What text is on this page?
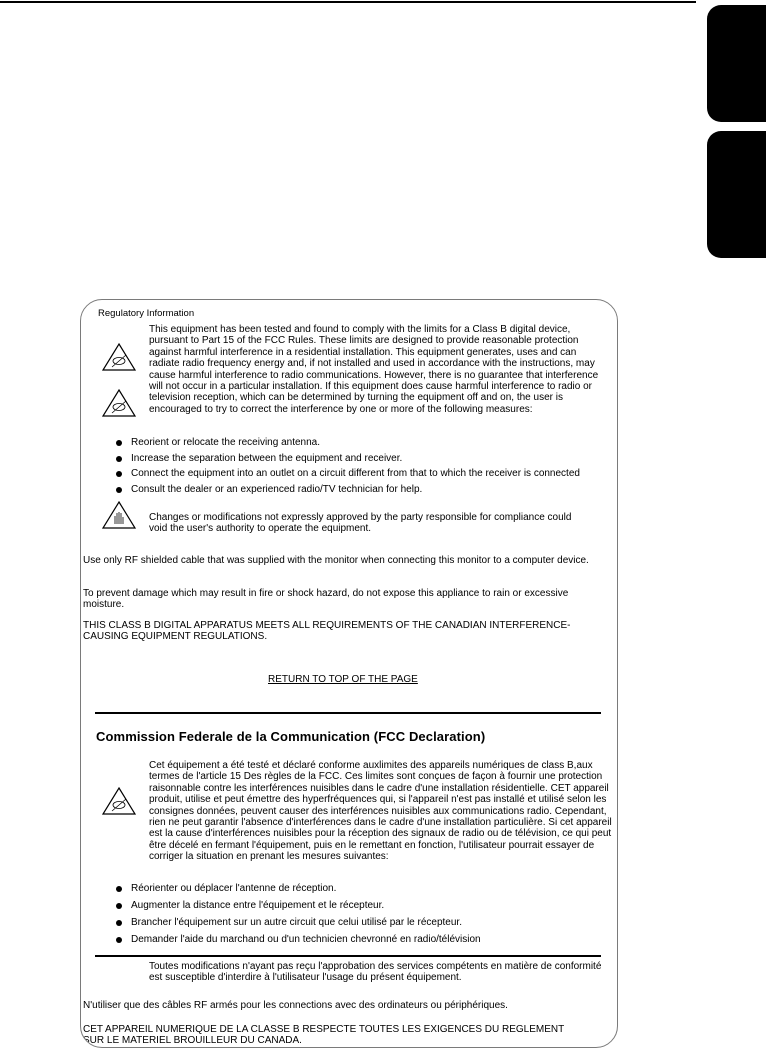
Regulatory Information

This equipment has been tested and found to comply with the limits for a Class B digital device, pursuant to Part 15 of the FCC Rules. These limits are designed to provide reasonable protection against harmful interference in a residential installation. This equipment generates, uses and can radiate radio frequency energy and, if not installed and used in accordance with the instructions, may cause harmful interference to radio communications. However, there is no guarantee that interference will not occur in a particular installation. If this equipment does cause harmful interference to radio or television reception, which can be determined by turning the equipment off and on, the user is encouraged to try to correct the interference by one or more of the following measures:

Reorient or relocate the receiving antenna.
Increase the separation between the equipment and receiver.
Connect the equipment into an outlet on a circuit different from that to which the receiver is connected
Consult the dealer or an experienced radio/TV technician for help.

Changes or modifications not expressly approved by the party responsible for compliance could void the user's authority to operate the equipment.

Use only RF shielded cable that was supplied with the monitor when connecting this monitor to a computer device.

To prevent damage which may result in fire or shock hazard, do not expose this appliance to rain or excessive moisture.

THIS CLASS B DIGITAL APPARATUS MEETS ALL REQUIREMENTS OF THE CANADIAN INTERFERENCE-CAUSING EQUIPMENT REGULATIONS.

RETURN TO TOP OF THE PAGE
Commission Federale de la Communication (FCC Declaration)

Cet équipement a été testé et déclaré conforme auxlimites des appareils numériques de class B,aux termes de l'article 15 Des règles de la FCC. Ces limites sont conçues de façon à fournir une protection raisonnable contre les interférences nuisibles dans le cadre d'une installation résidentielle. CET appareil produit, utilise et peut émettre des hyperfréquences qui, si l'appareil n'est pas installé et utilisé selon les consignes données, peuvent causer des interférences nuisibles aux communications radio. Cependant, rien ne peut garantir l'absence d'interférences dans le cadre d'une installation particulière. Si cet appareil est la cause d'interférences nuisibles pour la réception des signaux de radio ou de télévision, ce qui peut être décelé en fermant l'équipement, puis en le remettant en fonction, l'utilisateur pourrait essayer de corriger la situation en prenant les mesures suivantes:

Réorienter ou déplacer l'antenne de réception.
Augmenter la distance entre l'équipement et le récepteur.
Brancher l'équipement sur un autre circuit que celui utilisé par le récepteur.
Demander l'aide du marchand ou d'un technicien chevronné en radio/télévision

Toutes modifications n'ayant pas reçu l'approbation des services compétents en matière de conformité est susceptible d'interdire à l'utilisateur l'usage du présent équipement.

N'utiliser que des câbles RF armés pour les connections avec des ordinateurs ou périphériques.

CET APPAREIL NUMERIQUE DE LA CLASSE B RESPECTE TOUTES LES EXIGENCES DU REGLEMENT SUR LE MATERIEL BROUILLEUR DU CANADA.
